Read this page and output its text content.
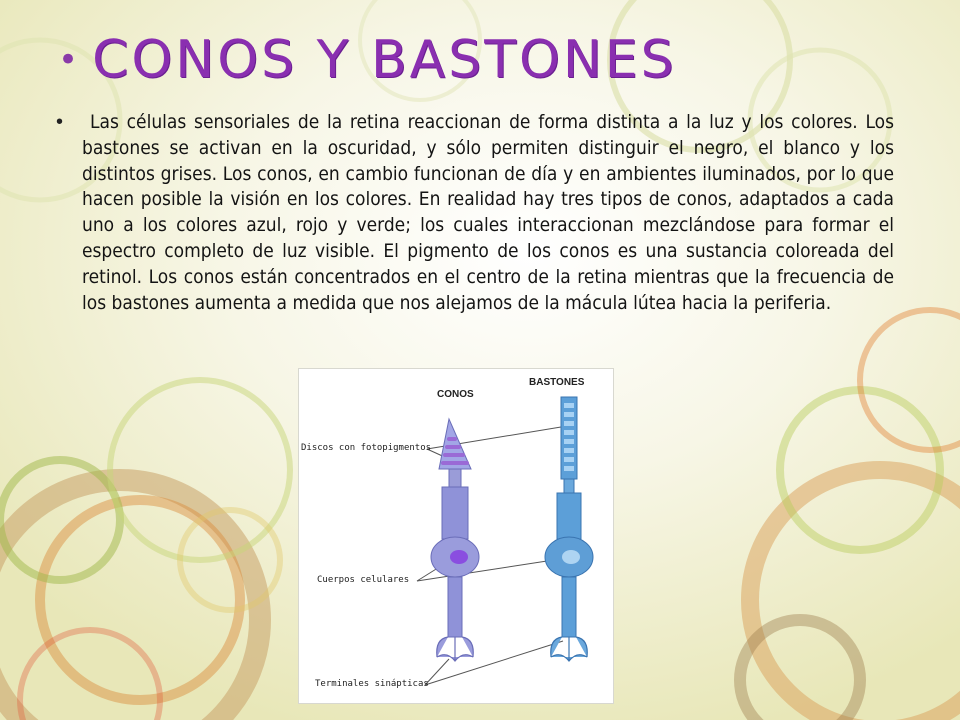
• CONOS Y BASTONES
•	Las células sensoriales de la retina reaccionan de forma distinta a la luz y los colores. Los bastones se activan en la oscuridad, y sólo permiten distinguir el negro, el blanco y los distintos grises. Los conos, en cambio funcionan de día y en ambientes iluminados, por lo que hacen posible la visión en los colores. En realidad hay tres tipos de conos, adaptados a cada uno a los colores azul, rojo y verde; los cuales interaccionan mezclándose para formar el espectro completo de luz visible. El pigmento de los conos es una sustancia coloreada del retinol. Los conos están concentrados en el centro de la retina mientras que la frecuencia de los bastones aumenta a medida que nos alejamos de la mácula lútea hacia la periferia.

CONOS
BASTONES
Discos con fotopigmentos
Cuerpos celulares
Terminales sinápticas
